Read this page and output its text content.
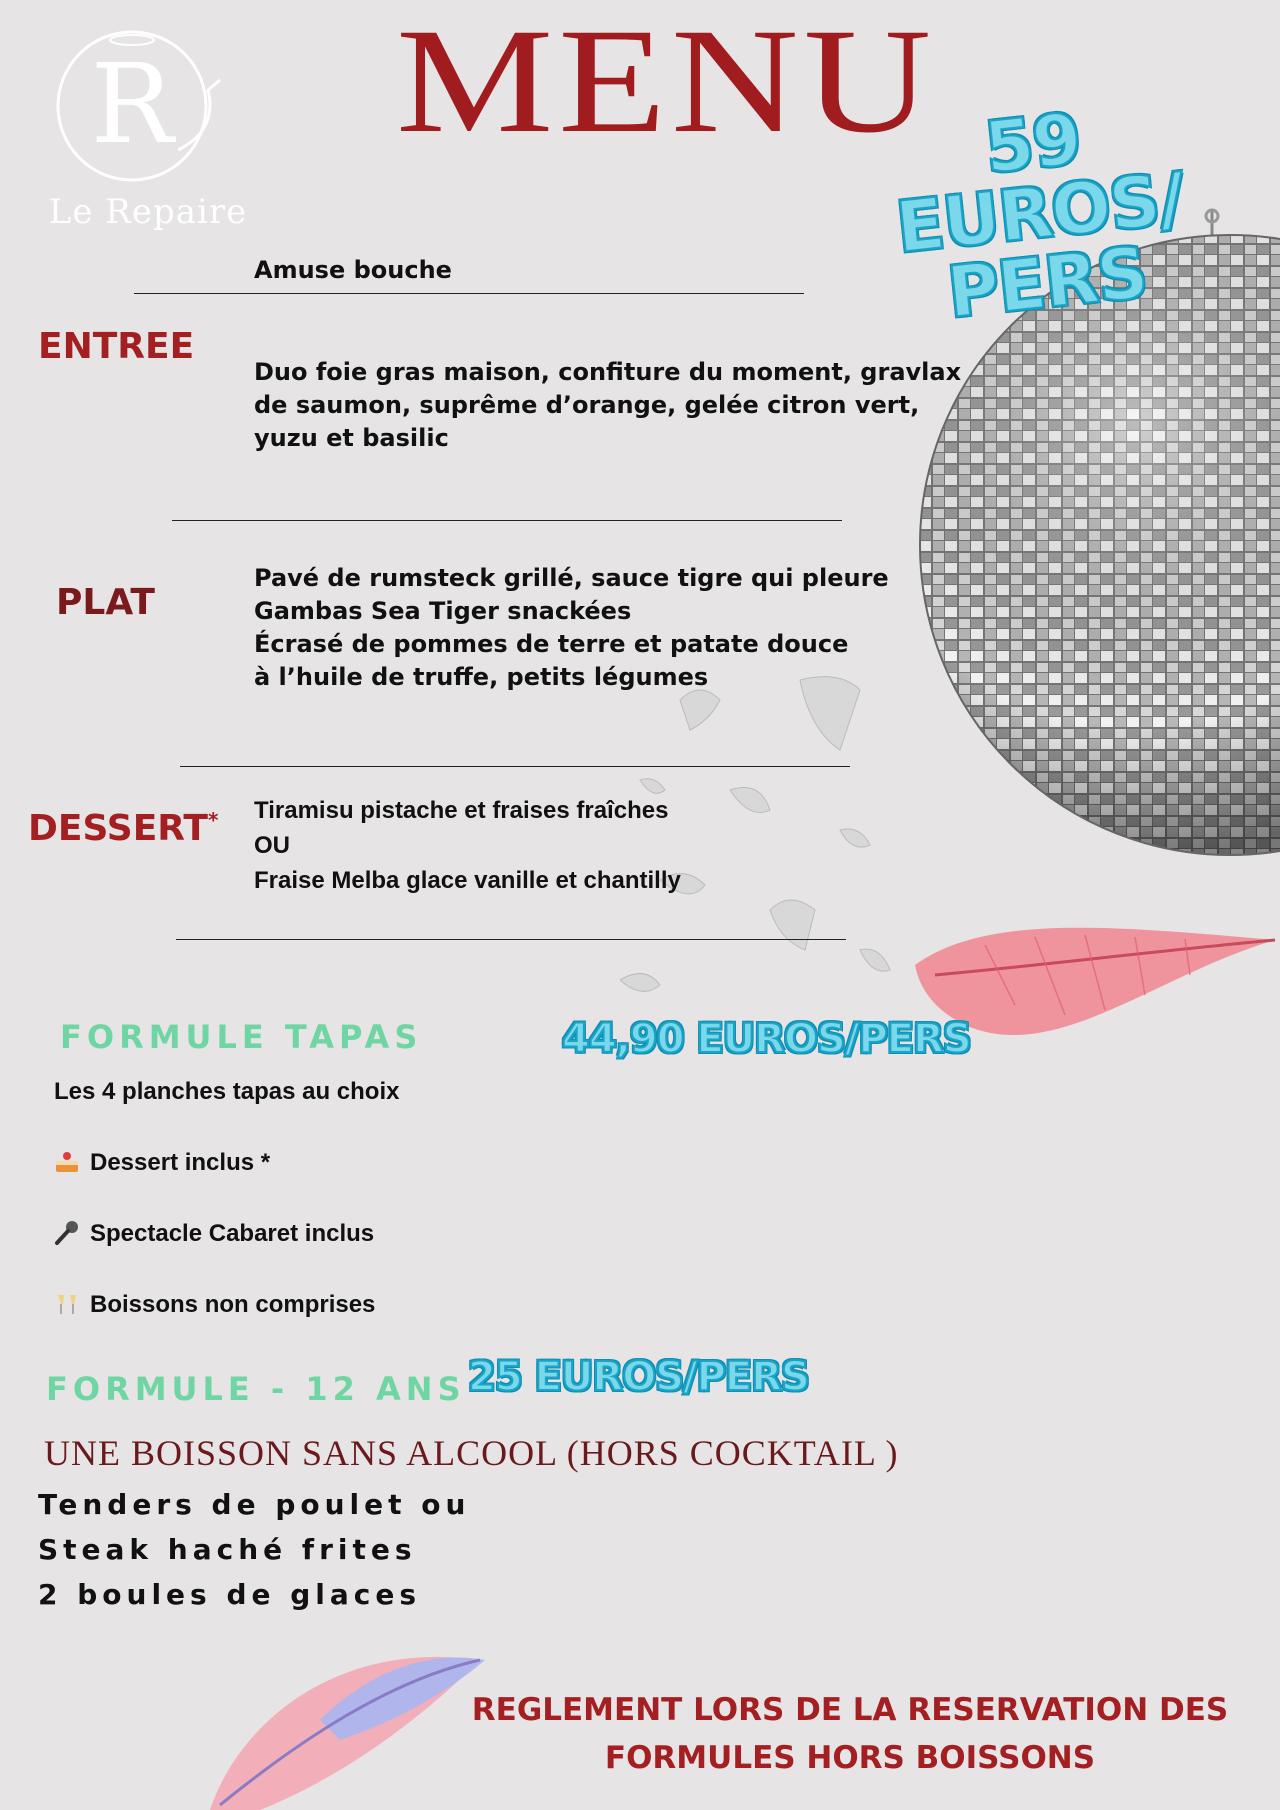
R
Le Repaire
MENU 59 EUROS/ PERS
Amuse bouche
ENTREE
Duo foie gras maison, confiture du moment, gravlax
de saumon, suprême d’orange, gelée citron vert,
yuzu et basilic
PLAT
Pavé de rumsteck grillé, sauce tigre qui pleure
Gambas Sea Tiger snackées
Écrasé de pommes de terre et patate douce
à l’huile de truffe, petits légumes
DESSERT* Tiramisu pistache et fraises fraîches
OU
Fraise Melba glace vanille et chantilly
FORMULE TAPAS	44,90 EUROS/PERS
Les 4 planches tapas au choix
Dessert inclus *
Spectacle Cabaret inclus
Boissons non comprises
FORMULE - 12 ANS 25 EUROS/PERS
UNE BOISSON SANS ALCOOL (HORS COCKTAIL )
Tenders de poulet ou
Steak haché frites
2 boules de glaces
REGLEMENT LORS DE LA RESERVATION DES
FORMULES HORS BOISSONS
